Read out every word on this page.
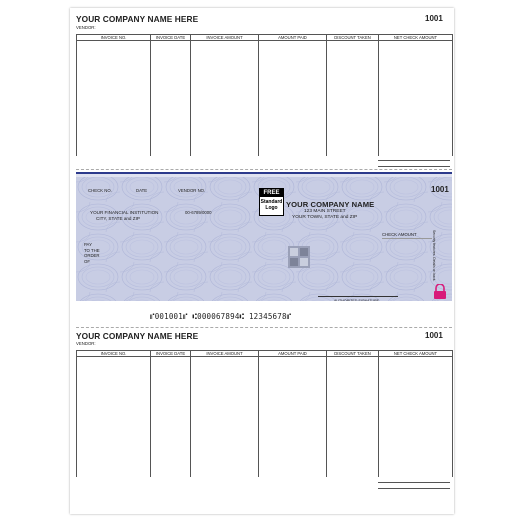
YOUR COMPANY NAME HERE	1001
VENDOR:
INVOICE NO.	INVOICE DATE	INVOICE AMOUNT	AMOUNT PAID	DISCOUNT TAKEN	NET CHECK AMOUNT

1001
CHECK NO.	DATE	VENDOR NO.
YOUR FINANCIAL INSTITUTION
CITY, STATE and ZIP
00-6789/0000
FREE
Standard
Logo	YOUR COMPANY NAME
123 MAIN STREET
YOUR TOWN, STATE and ZIP
CHECK AMOUNT
PAY
TO THE
ORDER
OF
AUTHORIZED SIGNATURE
Security features. Details on back.
⑈001001⑈ ⑆000067894⑆ 12345678⑈
YOUR COMPANY NAME HERE	1001
VENDOR:
INVOICE NO.	INVOICE DATE	INVOICE AMOUNT	AMOUNT PAID	DISCOUNT TAKEN	NET CHECK AMOUNT
